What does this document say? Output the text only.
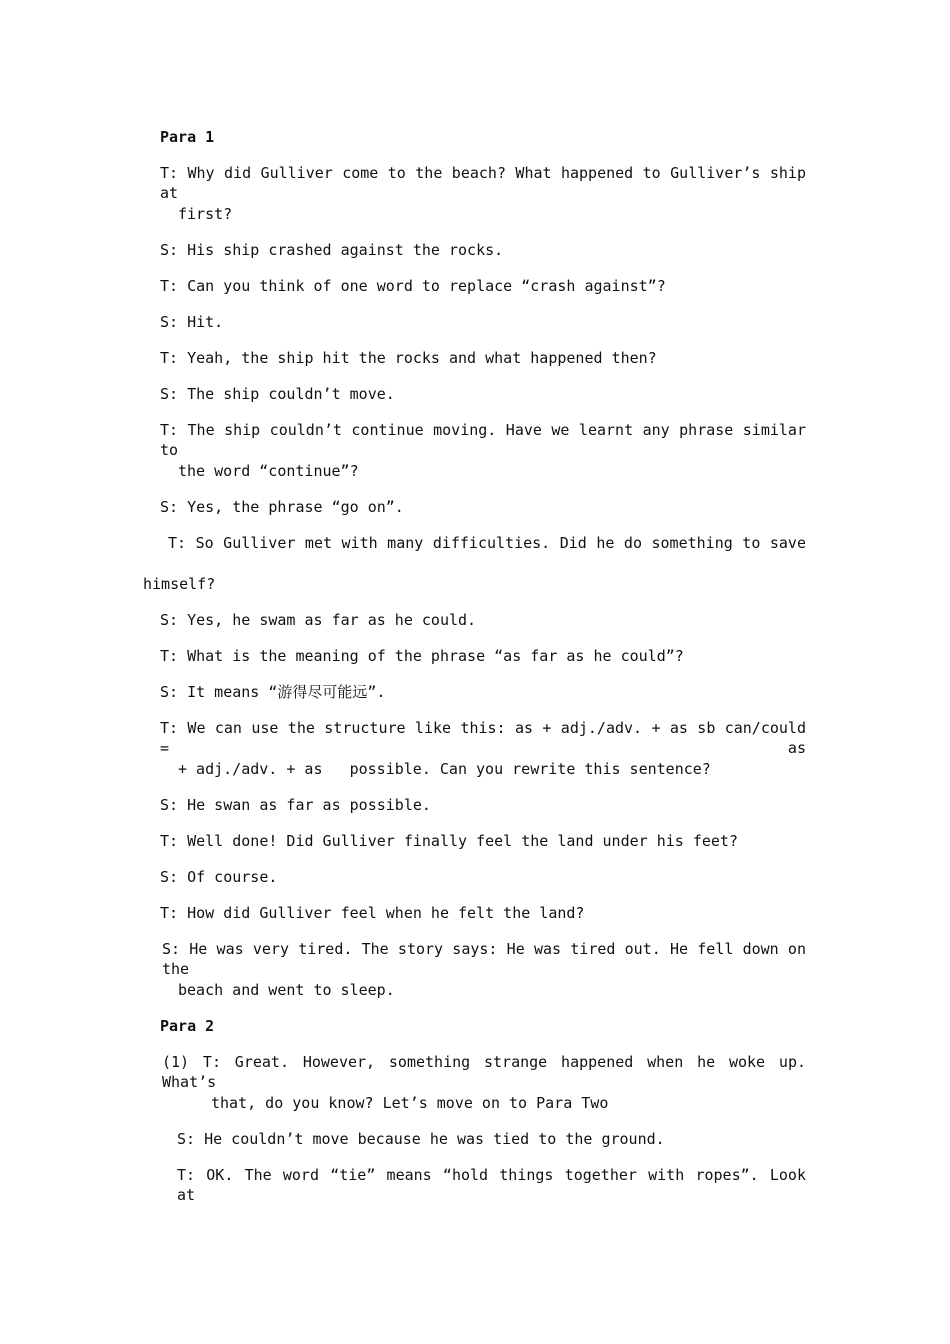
Para 1
T: Why did Gulliver come to the beach? What happened to Gulliver’s ship at
first?
S: His ship crashed against the rocks.
T: Can you think of one word to replace “crash against”?
S: Hit.
T: Yeah, the ship hit the rocks and what happened then?
S: The ship couldn’t move.
T: The ship couldn’t continue moving. Have we learnt any phrase similar to
the word “continue”?
S: Yes, the phrase “go on”.
T: So Gulliver met with many difficulties. Did he do something to save
himself?
S: Yes, he swam as far as he could.
T: What is the meaning of the phrase “as far as he could”?
S: It means “游得尽可能远”.
T: We can use the structure like this: as + adj./adv. + as sb can/could = as
+ adj./adv. + as   possible. Can you rewrite this sentence?
S: He swan as far as possible.
T: Well done! Did Gulliver finally feel the land under his feet?
S: Of course.
T: How did Gulliver feel when he felt the land?
S: He was very tired. The story says: He was tired out. He fell down on the
beach and went to sleep.
Para 2
(1) T: Great. However, something strange happened when he woke up. What’s
that, do you know? Let’s move on to Para Two
S: He couldn’t move because he was tied to the ground.
T: OK. The word “tie” means “hold things together with ropes”. Look at
